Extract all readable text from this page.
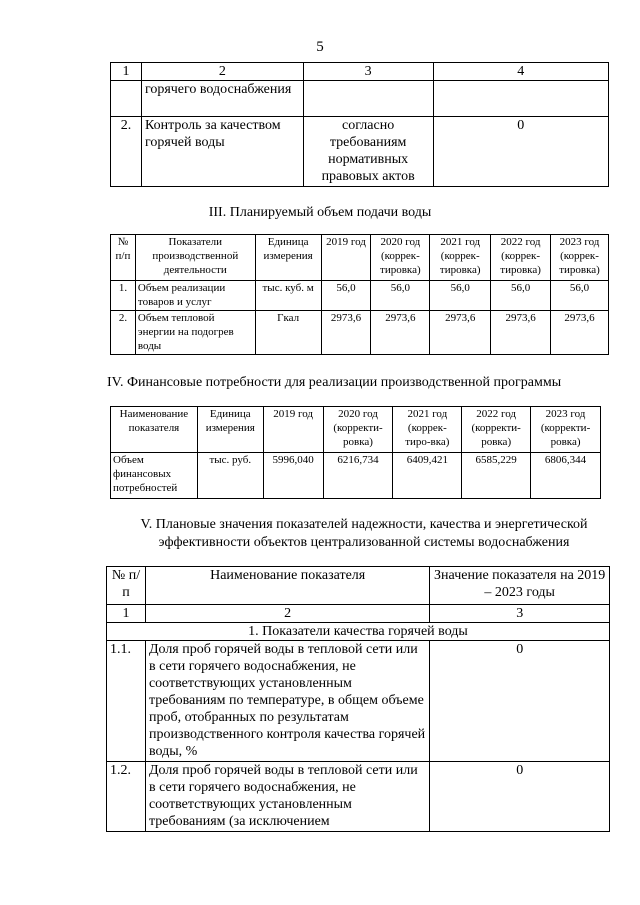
5
1	2	3	4
	горячего водоснабжения		
2.	Контроль за качеством горячей воды	согласно требованиям нормативных правовых актов	0
III. Планируемый объем подачи воды
№ п/п	Показатели производственной деятельности	Единица измерения	2019 год	2020 год (коррек-тировка)	2021 год (коррек-тировка)	2022 год (коррек-тировка)	2023 год (коррек-тировка)
1.	Объем реализации товаров и услуг	тыс. куб. м	56,0	56,0	56,0	56,0	56,0
2.	Объем тепловой энергии на подогрев воды	Гкал	2973,6	2973,6	2973,6	2973,6	2973,6
IV. Финансовые потребности для реализации производственной программы
Наименование показателя	Единица измерения	2019 год	2020 год (корректи-ровка)	2021 год (коррек-тиро-вка)	2022 год (корректи-ровка)	2023 год (корректи-ровка)
Объем финансовых потребностей	тыс. руб.	5996,040	6216,734	6409,421	6585,229	6806,344
V. Плановые значения показателей надежности, качества и энергетической
эффективности объектов централизованной системы водоснабжения
№ п/п	Наименование показателя	Значение показателя на 2019 – 2023 годы
1	2	3
1. Показатели качества горячей воды		
1.1.	Доля проб горячей воды в тепловой сети или в сети горячего водоснабжения, не соответствующих установленным требованиям по температуре, в общем объеме проб, отобранных по результатам производственного контроля качества горячей воды, %	0
1.2.	Доля проб горячей воды в тепловой сети или в сети горячего водоснабжения, не соответствующих установленным требованиям (за исключением	0
